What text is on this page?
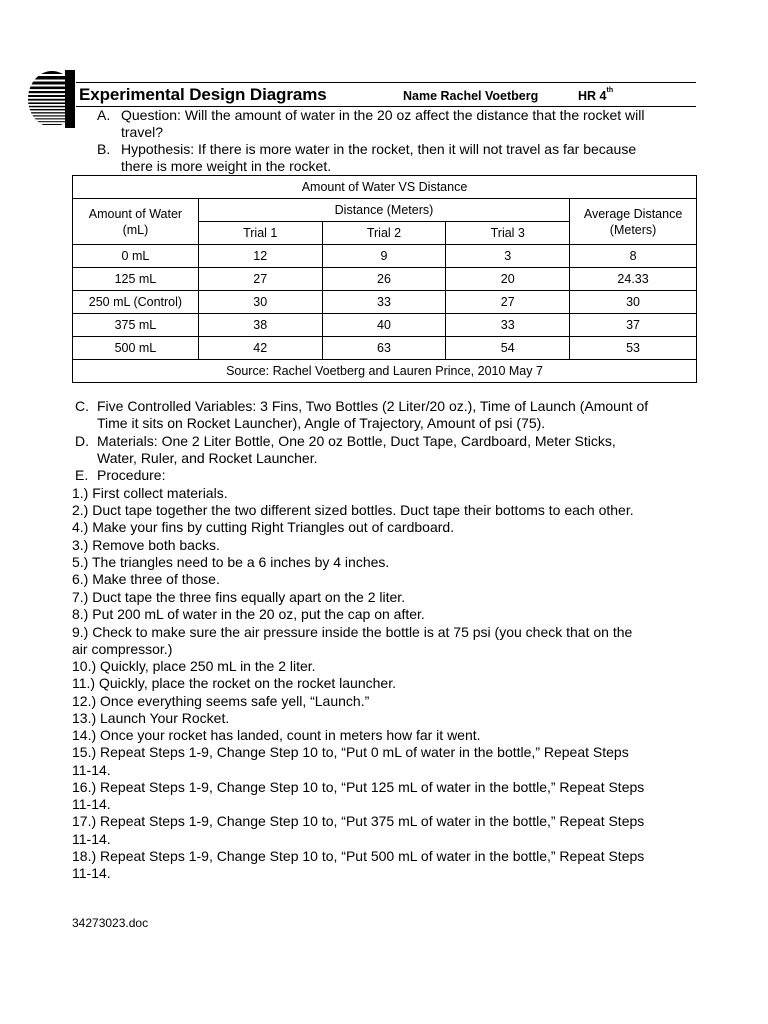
Experimental Design Diagrams	Name Rachel Voetberg	HR 4th
A. Question: Will the amount of water in the 20 oz affect the distance that the rocket will
travel?
B. Hypothesis: If there is more water in the rocket, then it will not travel as far because
there is more weight in the rocket.
Amount of Water VS Distance				
Amount of Water
(mL)	Distance (Meters)			Average Distance
(Meters)
	Trial 1	Trial 2	Trial 3	
0 mL	12	9	3	8
125 mL	27	26	20	24.33
250 mL (Control)	30	33	27	30
375 mL	38	40	33	37
500 mL	42	63	54	53
Source: Rachel Voetberg and Lauren Prince, 2010 May 7				
C. Five Controlled Variables: 3 Fins, Two Bottles (2 Liter/20 oz.), Time of Launch (Amount of
Time it sits on Rocket Launcher), Angle of Trajectory, Amount of psi (75).
D. Materials: One 2 Liter Bottle, One 20 oz Bottle, Duct Tape, Cardboard, Meter Sticks,
Water, Ruler, and Rocket Launcher.
E. Procedure:
1.) First collect materials.
2.) Duct tape together the two different sized bottles. Duct tape their bottoms to each other.
4.) Make your fins by cutting Right Triangles out of cardboard.
3.) Remove both backs.
5.) The triangles need to be a 6 inches by 4 inches.
6.) Make three of those.
7.) Duct tape the three fins equally apart on the 2 liter.
8.) Put 200 mL of water in the 20 oz, put the cap on after.
9.) Check to make sure the air pressure inside the bottle is at 75 psi (you check that on the
air compressor.)
10.) Quickly, place 250 mL in the 2 liter.
11.) Quickly, place the rocket on the rocket launcher.
12.) Once everything seems safe yell, “Launch.”
13.) Launch Your Rocket.
14.) Once your rocket has landed, count in meters how far it went.
15.) Repeat Steps 1-9, Change Step 10 to, “Put 0 mL of water in the bottle,” Repeat Steps
11-14.
16.) Repeat Steps 1-9, Change Step 10 to, “Put 125 mL of water in the bottle,” Repeat Steps
11-14.
17.) Repeat Steps 1-9, Change Step 10 to, “Put 375 mL of water in the bottle,” Repeat Steps
11-14.
18.) Repeat Steps 1-9, Change Step 10 to, “Put 500 mL of water in the bottle,” Repeat Steps
11-14.
34273023.doc
